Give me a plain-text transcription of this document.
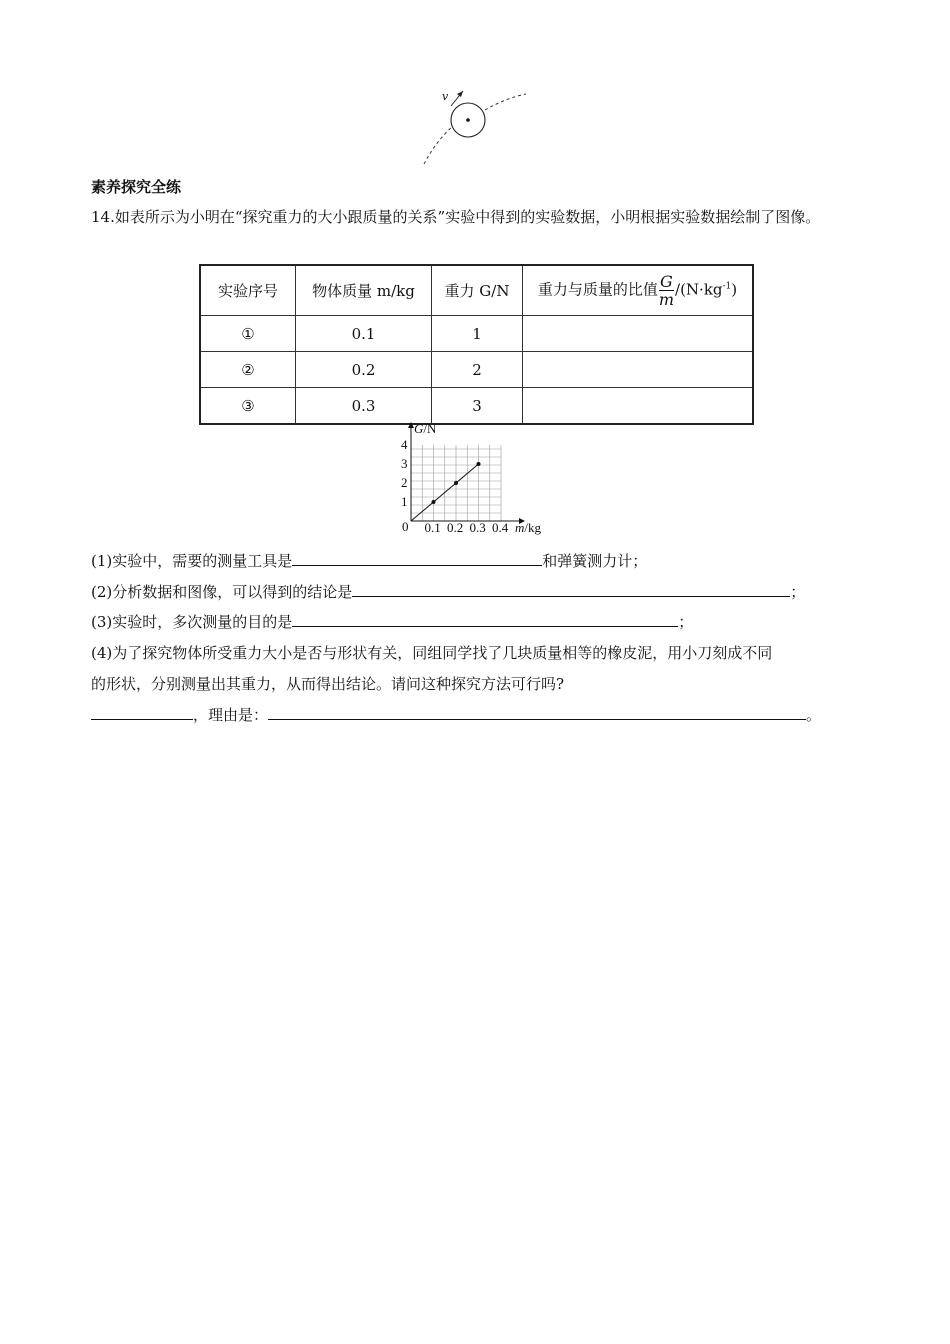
v
素养探究全练
14.如表所示为小明在“探究重力的大小跟质量的关系”实验中得到的实验数据，小明根据实验数据绘制了图像。
实验序号	物体质量 m/kg	重力 G/N	重力与质量的比值 $\frac{G}{m} /(N\cdot kg^{-1})$
①	0.1	1	
②	0.2	2	
③	0.3	3	
0 0.1 0.2 0.3 0.4
1
2
3
4
G/N
m/kg
(1)实验中，需要的测量工具是	和弹簧测力计；
(2)分析数据和图像，可以得到的结论是	；
(3)实验时，多次测量的目的是	；
(4)为了探究物体所受重力大小是否与形状有关，同组同学找了几块质量相等的橡皮泥，用小刀刻成不同
的形状，分别测量出其重力，从而得出结论。请问这种探究方法可行吗?
，理由是：	。
